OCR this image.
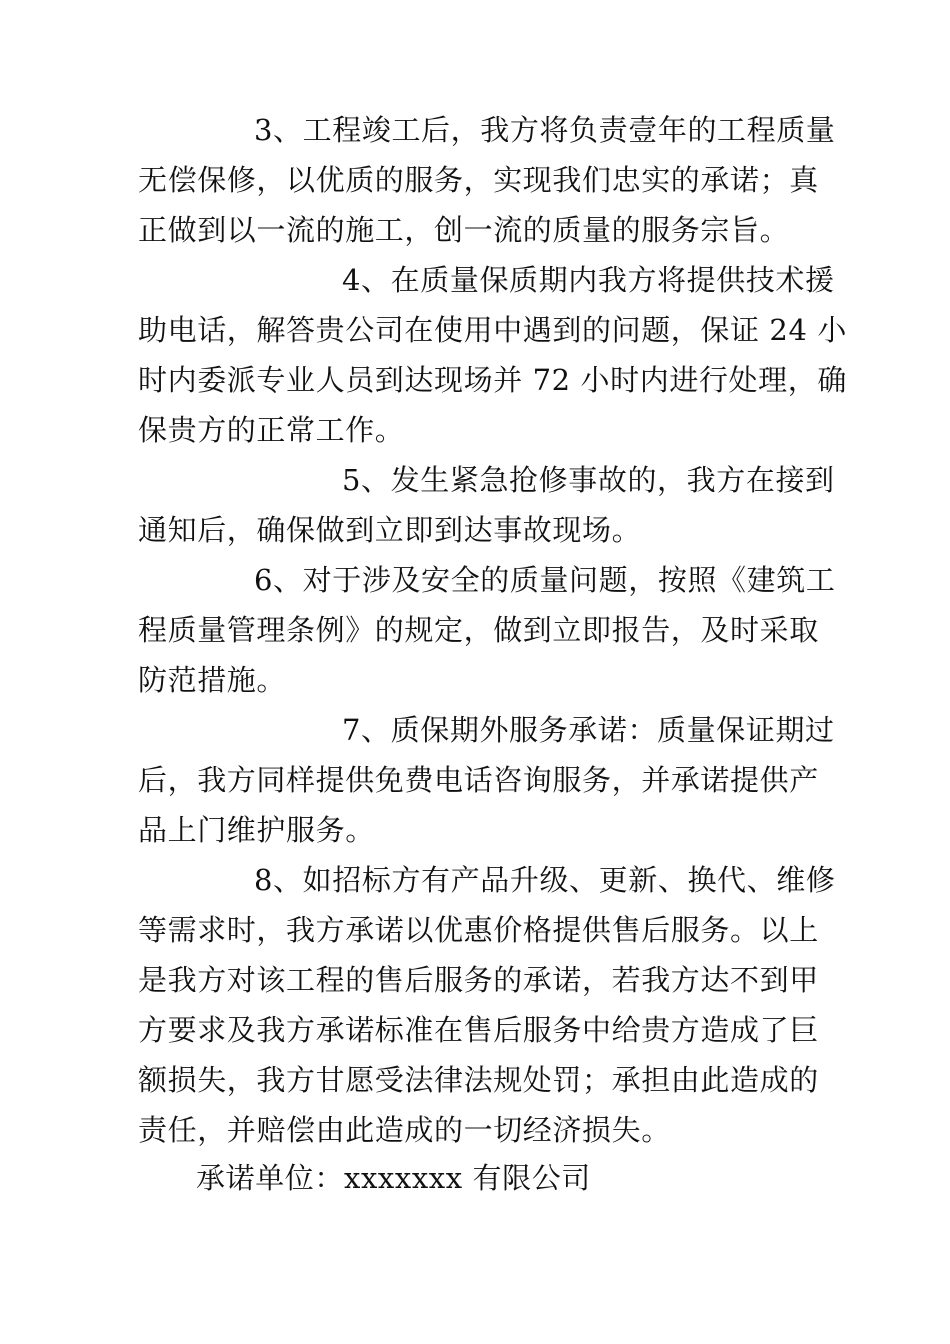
3、工程竣工后，我方将负责壹年的工程质量
无偿保修，以优质的服务，实现我们忠实的承诺；真
正做到以一流的施工，创一流的质量的服务宗旨。
4、在质量保质期内我方将提供技术援
助电话，解答贵公司在使用中遇到的问题，保证 24 小
时内委派专业人员到达现场并 72 小时内进行处理，确
保贵方的正常工作。
5、发生紧急抢修事故的，我方在接到
通知后，确保做到立即到达事故现场。
6、对于涉及安全的质量问题，按照《建筑工
程质量管理条例》的规定，做到立即报告，及时采取
防范措施。
7、质保期外服务承诺：质量保证期过
后，我方同样提供免费电话咨询服务，并承诺提供产
品上门维护服务。
8、如招标方有产品升级、更新、换代、维修
等需求时，我方承诺以优惠价格提供售后服务。以上
是我方对该工程的售后服务的承诺，若我方达不到甲
方要求及我方承诺标准在售后服务中给贵方造成了巨
额损失，我方甘愿受法律法规处罚；承担由此造成的
责任，并赔偿由此造成的一切经济损失。
承诺单位：xxxxxxx 有限公司
